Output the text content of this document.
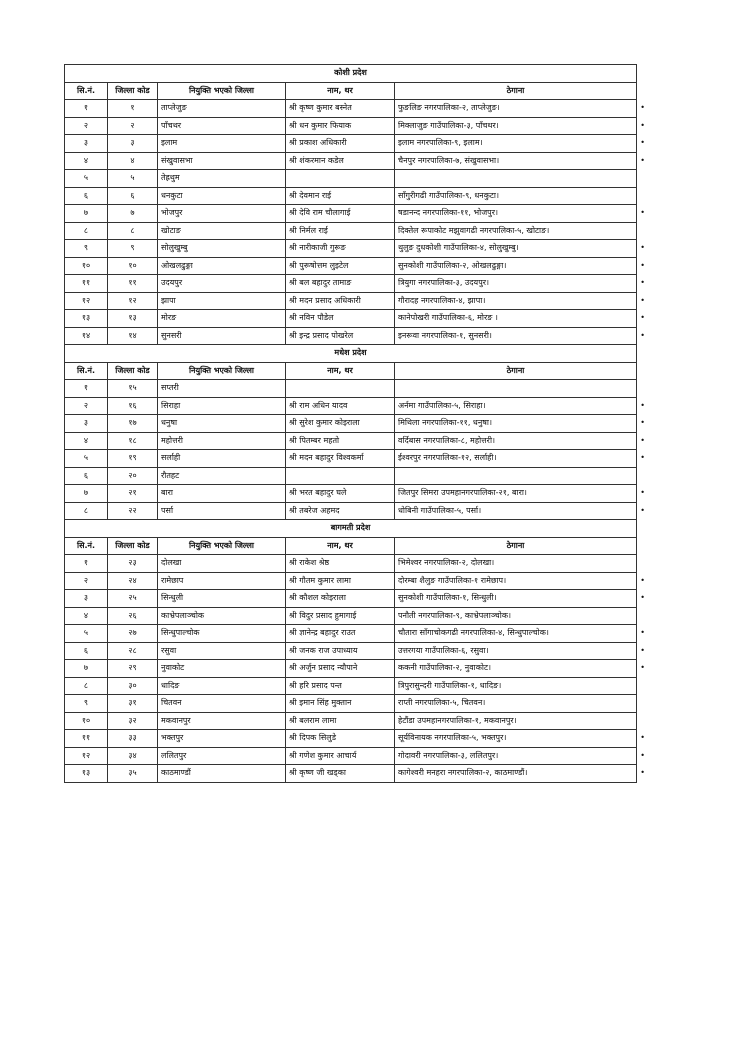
कोशी प्रदेश				
सि.नं.	जिल्ला कोड	नियुक्ति भएको जिल्ला	नाम, थर	ठेगाना
१	१	ताप्लेजुङ	श्री कृष्ण कुमार बस्नेत	फुङलिङ नगरपालिका-२, ताप्लेजुङ। •

२	२	पाँचथर	श्री धन कुमार फियाक	मिक्लाजुङ गाउँपालिका-३, पाँचथर। •

३	३	इलाम	श्री प्रकाश अधिकारी	इलाम नगरपालिका-९, इलाम। •

४	४	संखुवासभा	श्री शंकरमान कडेल	चैनपुर नगरपालिका-७, संखुवासभा। •

५	५	तेह्रथुम		
६	६	धनकुटा	श्री देवमान राई	साँगुरीगढी गाउँपालिका-९, धनकुटा।
७	७	भोजपुर	श्री देवि राम चौलागाई	षडानन्द नगरपालिका-११, भोजपुर। •

८	८	खोटाङ	श्री निर्मल राई	दिक्तेल रूपाकोट मझुवागढी नगरपालिका-५, खोटाङ।
९	९	सोलुखुम्बु	श्री नारीकाजी गुरूङ	थुलुङ दुधकोशी गाउँपालिका-४, सोलुखुम्बु। •

१०	१०	ओखलढुङ्गा	श्री पुरूषोत्तम लुइटेल	सुनकोशी गाउँपालिका-२, ओखलढुङ्गा। •

११	११	उदयपुर	श्री बल बहादुर तामाङ	त्रियुगा नगरपालिका-३, उदयपुर। •

१२	१२	झापा	श्री मदन प्रसाद अधिकारी	गौरादह नगरपालिका-४, झापा। •

१३	१३	मोरङ	श्री नविन पौडेल	कानेपोखरी गाउँपालिका-६, मोरङ । •

१४	१४	सुनसरी	श्री इन्द्र प्रसाद पोखरेल	इनरूवा नगरपालिका-१, सुनसरी। •

मधेश प्रदेश				
सि.नं.	जिल्ला कोड	नियुक्ति भएको जिल्ला	नाम, थर	ठेगाना
१	१५	सप्तरी		
२	१६	सिराहा	श्री राम अधिन यादव	अर्नमा गाउँपालिका-५, सिराहा। •

३	१७	धनुषा	श्री सुरेश कुमार कोइराला	मिथिला नगरपालिका-११, धनुषा। •

४	१८	महोत्तरी	श्री पितम्बर महतो	वर्दिबास नगरपालिका-८, महोत्तरी। •

५	१९	सर्लाही	श्री मदन बहादुर विश्वकर्मा	ईश्वरपुर नगरपालिका-१२, सर्लाही। •

६	२०	रौतहट		
७	२१	बारा	श्री भरत बहादुर घले	जितपुर सिमरा उपमहानगरपालिका-२१, बारा। •

८	२२	पर्सा	श्री तबरेज अहमद	धोबिनी गाउँपालिका-५, पर्सा। •

बागमती प्रदेश				
सि.नं.	जिल्ला कोड	नियुक्ति भएको जिल्ला	नाम, थर	ठेगाना
१	२३	दोलखा	श्री राकेश श्रेष्ठ	भिमेश्वर नगरपालिका-२, दोलखा।
२	२४	रामेछाप	श्री गौतम कुमार लामा	दोरम्बा शैलुङ गाउँपालिका-१ रामेछाप। •

३	२५	सिन्धुली	श्री कौशल कोइराला	सुनकोशी गाउँपालिका-१, सिन्धुली। •

४	२६	काभ्रेपलाञ्चोक	श्री विदुर प्रसाद हुमागाई	पनौती नगरपालिका-९, काभ्रेपलाञ्चोक।
५	२७	सिन्धुपाल्चोक	श्री ज्ञानेन्द्र बहादुर राउत	चौतारा साँगाचोकगढी नगरपालिका-४, सिन्धुपाल्चोक। •

६	२८	रसुवा	श्री जनक राज उपाध्याय	उत्तरगया गाउँपालिका-६, रसुवा। •

७	२९	नुवाकोट	श्री अर्जुन प्रसाद न्यौपाने	ककनी गाउँपालिका-२, नुवाकोट। •

८	३०	धादिङ	श्री हरि प्रसाद पन्त	त्रिपुरासुन्दरी गाउँपालिका-१, धादिङ।
९	३१	चितवन	श्री इमान सिंह मुक्तान	राप्ती नगरपालिका-५, चितवन।
१०	३२	मकवानपुर	श्री बलराम लामा	हेटौंडा उपमहानगरपालिका-१, मकवानपुर।
११	३३	भक्तपुर	श्री दिपक सिलुडे	सूर्यविनायक नगरपालिका-५, भक्तपुर। •

१२	३४	ललितपुर	श्री गणेश कुमार आचार्य	गोदावरी नगरपालिका-३, ललितपुर। •

१३	३५	काठमाण्डौं	श्री कृष्ण जी खड्का	कागेश्वरी मनहरा नगरपालिका-२, काठमाण्डौं। •
